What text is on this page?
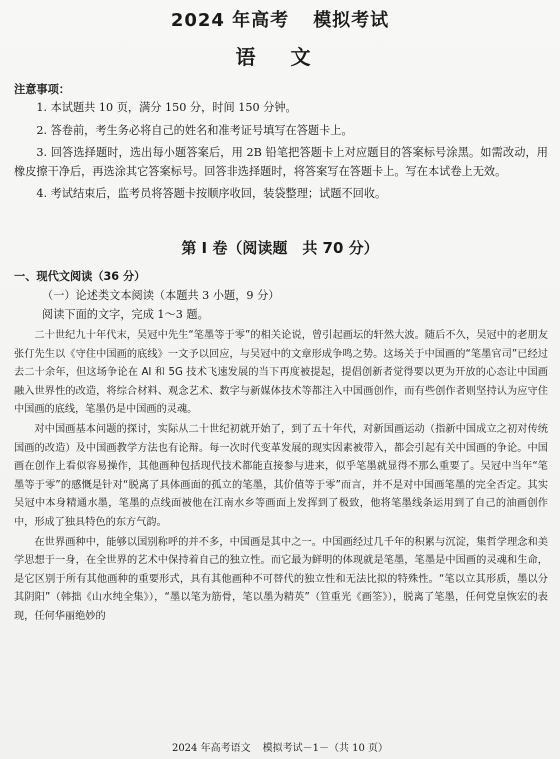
2024 年高考 模拟考试
语 文
注意事项：

1. 本试题共 10 页，满分 150 分，时间 150 分钟。

2. 答卷前，考生务必将自己的姓名和准考证号填写在答题卡上。

3. 回答选择题时，选出每小题答案后，用 2B 铅笔把答题卡上对应题目的答案标号涂黑。如需改动，用橡皮擦干净后，再选涂其它答案标号。回答非选择题时，将答案写在答题卡上。写在本试卷上无效。

4. 考试结束后，监考员将答题卡按顺序收回，装袋整理；试题不回收。

第 I 卷（阅读题　共 70 分）
一、现代文阅读（36 分）
（一）论述类文本阅读（本题共 3 小题，9 分）
阅读下面的文字，完成 1～3 题。

二十世纪九十年代末，吴冠中先生“笔墨等于零”的相关论说，曾引起画坛的轩然大波。随后不久，吴冠中的老朋友张仃先生以《守住中国画的底线》一文予以回应，与吴冠中的文章形成争鸣之势。这场关于中国画的“笔墨官司”已经过去二十余年，但这场争论在 AI 和 5G 技术飞速发展的当下再度被提起，提倡创新者觉得要以更为开放的心态让中国画融入世界性的改造，将综合材料、观念艺术、数字与新媒体技术等都注入中国画创作，而有些创作者则坚持认为应守住中国画的底线，笔墨仍是中国画的灵魂。

对中国画基本问题的探讨，实际从二十世纪初就开始了，到了五十年代，对新国画运动（指新中国成立之初对传统国画的改造）及中国画教学方法也有论辩。每一次时代变革发展的现实因素被带入，都会引起有关中国画的争论。中国画在创作上看似容易操作，其他画种包括现代技术都能直接参与进来，似乎笔墨就显得不那么重要了。吴冠中当年“笔墨等于零”的感慨是针对“脱离了具体画面的孤立的笔墨，其价值等于零”而言，并不是对中国画笔墨的完全否定。其实吴冠中本身精通水墨，笔墨的点线面被他在江南水乡等画面上发挥到了极致，他将笔墨线条运用到了自己的油画创作中，形成了独具特色的东方气韵。

在世界画种中，能够以国别称呼的并不多，中国画是其中之一。中国画经过几千年的积累与沉淀，集哲学理念和美学思想于一身，在全世界的艺术中保持着自己的独立性。而它最为鲜明的体现就是笔墨，笔墨是中国画的灵魂和生命，是它区别于所有其他画种的重要形式，具有其他画种不可替代的独立性和无法比拟的特殊性。“笔以立其形质，墨以分其阴阳”（韩拙《山水纯全集》），“墨以笔为筋骨，笔以墨为精英”（笪重光《画筌》），脱离了笔墨，任何党皇恢宏的表现，任何华丽绝妙的

2024 年高考语文 模拟考试－1－（共 10 页）
